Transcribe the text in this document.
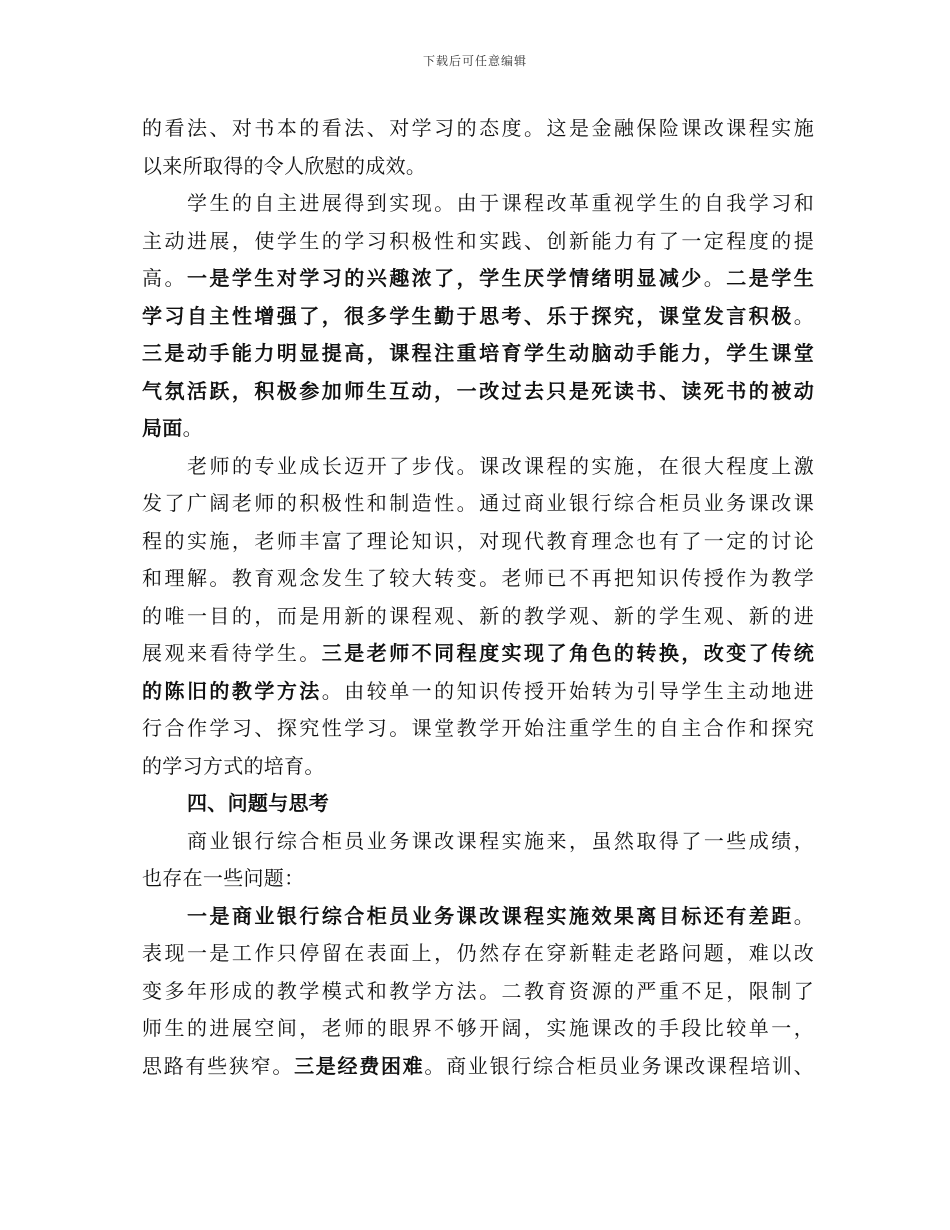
下载后可任意编辑
的看法、对书本的看法、对学习的态度。这是金融保险课改课程实施
以来所取得的令人欣慰的成效。
学生的自主进展得到实现。由于课程改革重视学生的自我学习和
主动进展，使学生的学习积极性和实践、创新能力有了一定程度的提
高。一是学生对学习的兴趣浓了，学生厌学情绪明显减少。二是学生
学习自主性增强了，很多学生勤于思考、乐于探究，课堂发言积极。
三是动手能力明显提高，课程注重培育学生动脑动手能力，学生课堂
气氛活跃，积极参加师生互动，一改过去只是死读书、读死书的被动
局面。
老师的专业成长迈开了步伐。课改课程的实施，在很大程度上激
发了广阔老师的积极性和制造性。通过商业银行综合柜员业务课改课
程的实施，老师丰富了理论知识，对现代教育理念也有了一定的讨论
和理解。教育观念发生了较大转变。老师已不再把知识传授作为教学
的唯一目的，而是用新的课程观、新的教学观、新的学生观、新的进
展观来看待学生。三是老师不同程度实现了角色的转换，改变了传统
的陈旧的教学方法。由较单一的知识传授开始转为引导学生主动地进
行合作学习、探究性学习。课堂教学开始注重学生的自主合作和探究
的学习方式的培育。
四、问题与思考
商业银行综合柜员业务课改课程实施来，虽然取得了一些成绩，
也存在一些问题：
一是商业银行综合柜员业务课改课程实施效果离目标还有差距。
表现一是工作只停留在表面上，仍然存在穿新鞋走老路问题，难以改
变多年形成的教学模式和教学方法。二教育资源的严重不足，限制了
师生的进展空间，老师的眼界不够开阔，实施课改的手段比较单一，
思路有些狭窄。三是经费困难。商业银行综合柜员业务课改课程培训、
